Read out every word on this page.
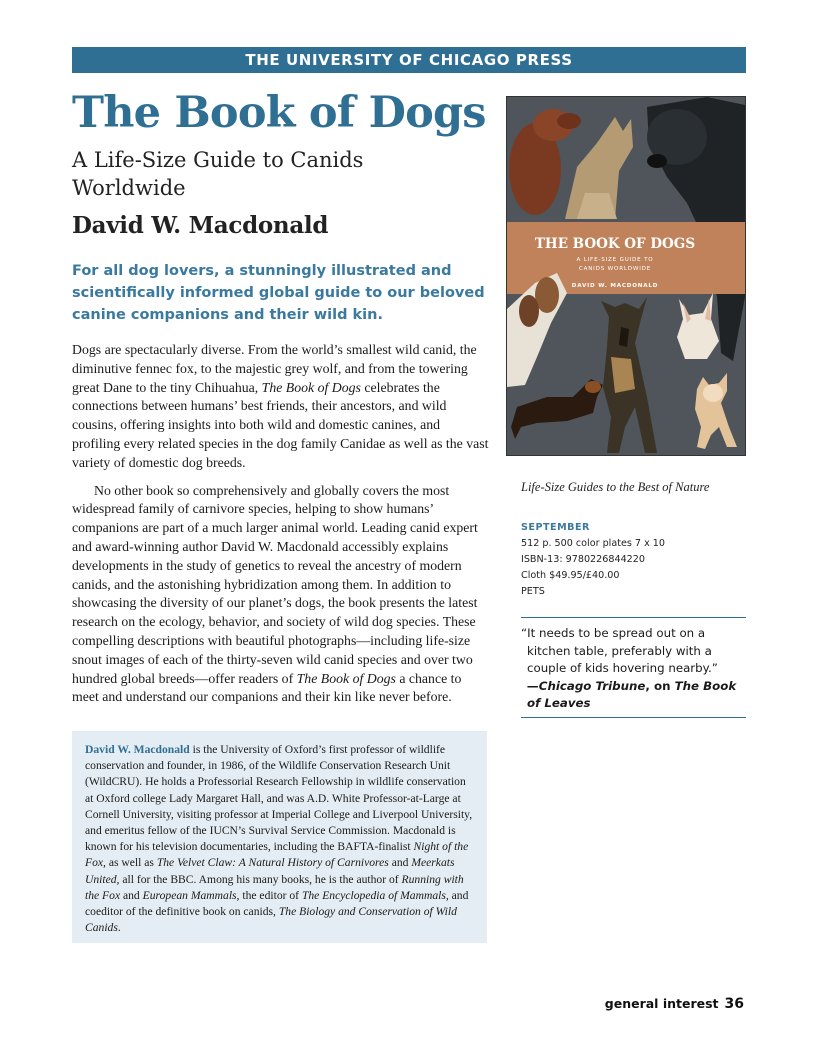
THE UNIVERSITY OF CHICAGO PRESS
The Book of Dogs
A Life-Size Guide to Canids Worldwide
David W. Macdonald

For all dog lovers, a stunningly illustrated and scientifically informed global guide to our beloved canine companions and their wild kin.

Dogs are spectacularly diverse. From the world’s smallest wild canid, the diminutive fennec fox, to the majestic grey wolf, and from the towering great Dane to the tiny Chihuahua, The Book of Dogs celebrates the connections between humans’ best friends, their ancestors, and wild cousins, offering insights into both wild and domestic canines, and profiling every related species in the dog family Canidae as well as the vast variety of domestic dog breeds.

No other book so comprehensively and globally covers the most widespread family of carnivore species, helping to show humans’ companions are part of a much larger animal world. Leading canid expert and award-winning author David W. Macdonald accessibly explains developments in the study of genetics to reveal the ancestry of modern canids, and the astonishing hybridization among them. In addition to showcasing the diversity of our planet’s dogs, the book presents the latest research on the ecology, behavior, and society of wild dog species. These compelling descriptions with beautiful photographs—including life-size snout images of each of the thirty-seven wild canid species and over two hundred global breeds—offer readers of The Book of Dogs a chance to meet and understand our companions and their kin like never before.

David W. Macdonald is the University of Oxford’s first professor of wildlife conservation and founder, in 1986, of the Wildlife Conservation Research Unit (WildCRU). He holds a Professorial Research Fellowship in wildlife conservation at Oxford college Lady Margaret Hall, and was A.D. White Professor-at-Large at Cornell University, visiting professor at Imperial College and Liverpool University, and emeritus fellow of the IUCN’s Survival Service Commission. Macdonald is known for his television documentaries, including the BAFTA-finalist Night of the Fox, as well as The Velvet Claw: A Natural History of Carnivores and Meerkats United, all for the BBC. Among his many books, he is the author of Running with the Fox and European Mammals, the editor of The Encyclopedia of Mammals, and coeditor of the definitive book on canids, The Biology and Conservation of Wild Canids.
THE BOOK OF DOGS
A LIFE-SIZE GUIDE TO
CANIDS WORLDWIDE
DAVID W. MACDONALD

Life-Size Guides to the Best of Nature

SEPTEMBER
512 p. 500 color plates 7 x 10
ISBN-13: 9780226844220
Cloth $49.95/£40.00
PETS
“It needs to be spread out on a kitchen table, preferably with a couple of kids hovering nearby.”
—Chicago Tribune, on The Book of Leaves
general interest 36
